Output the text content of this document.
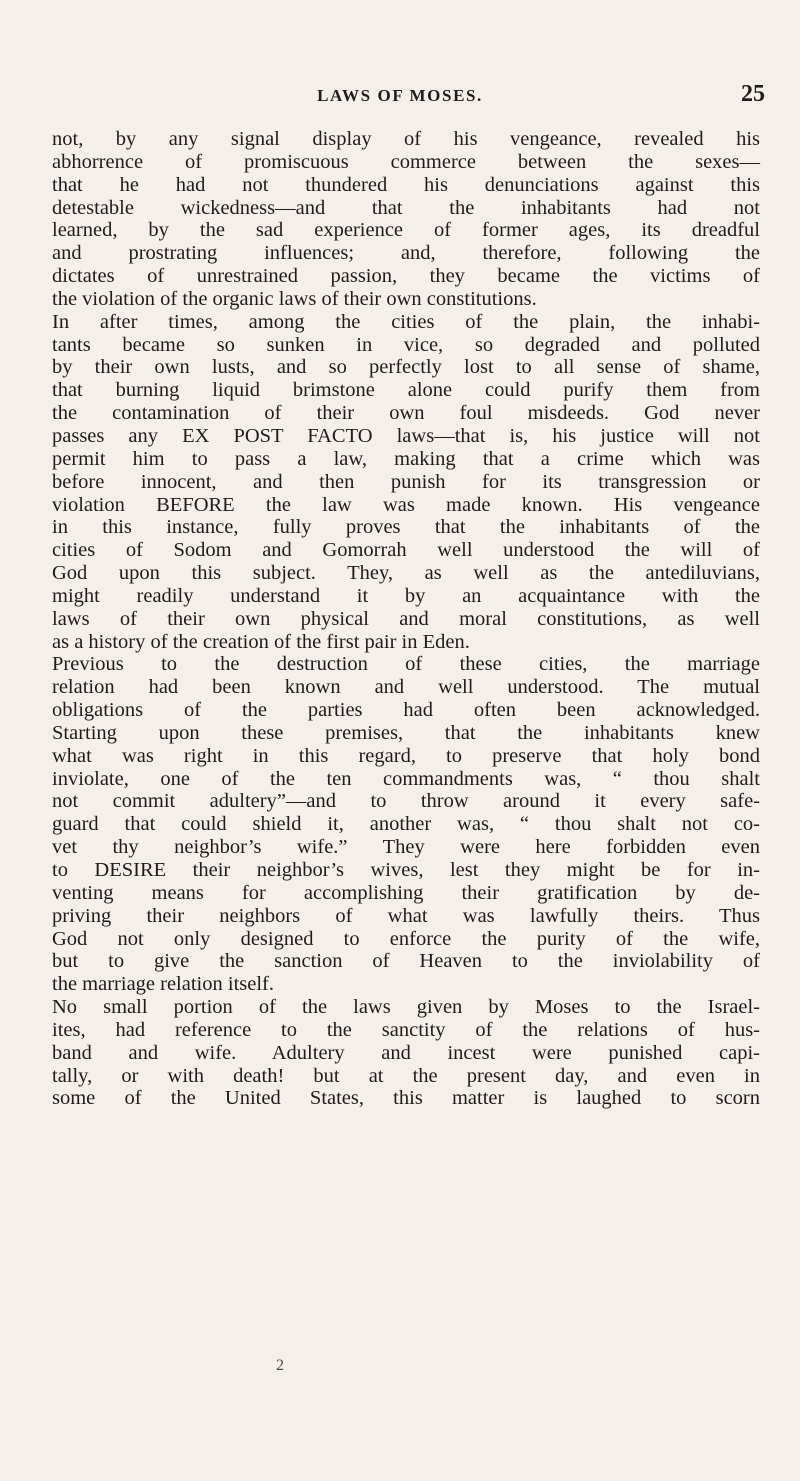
LAWS OF MOSES.	25
not, by any signal display of his vengeance, revealed his
abhorrence of promiscuous commerce between the sexes—
that he had not thundered his denunciations against this
detestable wickedness—and that the inhabitants had not
learned, by the sad experience of former ages, its dreadful
and prostrating influences; and, therefore, following the
dictates of unrestrained passion, they became the victims of
the violation of the organic laws of their own constitutions.
In after times, among the cities of the plain, the inhabi-
tants became so sunken in vice, so degraded and polluted
by their own lusts, and so perfectly lost to all sense of shame,
that burning liquid brimstone alone could purify them from
the contamination of their own foul misdeeds. God never
passes any EX POST FACTO laws—that is, his justice will not
permit him to pass a law, making that a crime which was
before innocent, and then punish for its transgression or
violation BEFORE the law was made known. His vengeance
in this instance, fully proves that the inhabitants of the
cities of Sodom and Gomorrah well understood the will of
God upon this subject. They, as well as the antediluvians,
might readily understand it by an acquaintance with the
laws of their own physical and moral constitutions, as well
as a history of the creation of the first pair in Eden.
Previous to the destruction of these cities, the marriage
relation had been known and well understood. The mutual
obligations of the parties had often been acknowledged.
Starting upon these premises, that the inhabitants knew
what was right in this regard, to preserve that holy bond
inviolate, one of the ten commandments was, “ thou shalt
not commit adultery”—and to throw around it every safe-
guard that could shield it, another was, “ thou shalt not co-
vet thy neighbor’s wife.” They were here forbidden even
to DESIRE their neighbor’s wives, lest they might be for in-
venting means for accomplishing their gratification by de-
priving their neighbors of what was lawfully theirs. Thus
God not only designed to enforce the purity of the wife,
but to give the sanction of Heaven to the inviolability of
the marriage relation itself.
No small portion of the laws given by Moses to the Israel-
ites, had reference to the sanctity of the relations of hus-
band and wife. Adultery and incest were punished capi-
tally, or with death! but at the present day, and even in
some of the United States, this matter is laughed to scorn
2
